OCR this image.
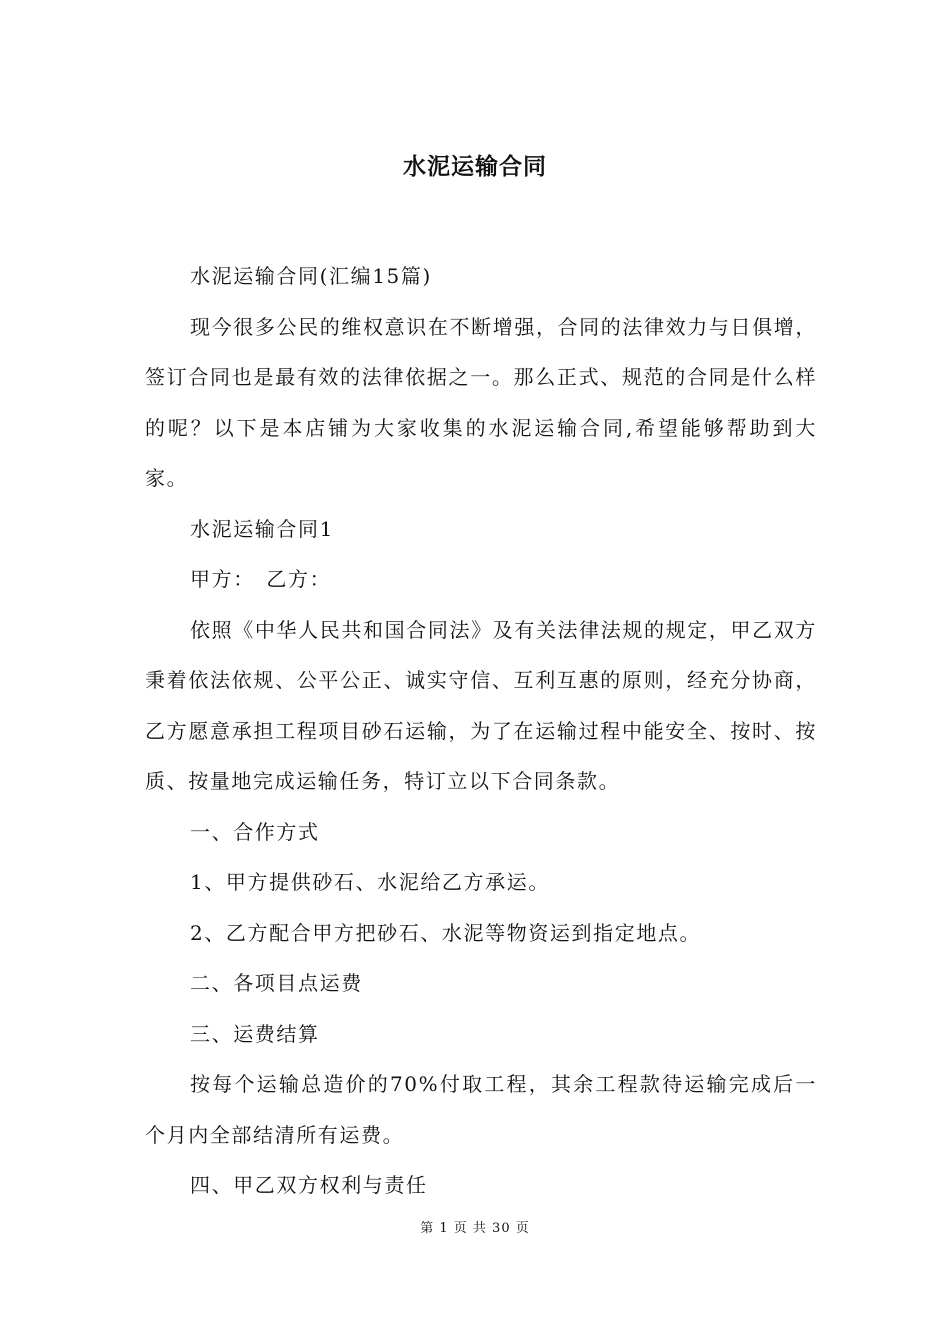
水泥运输合同

水泥运输合同(汇编15篇)

现今很多公民的维权意识在不断增强，合同的法律效力与日俱增，签订合同也是最有效的法律依据之一。那么正式、规范的合同是什么样的呢？以下是本店铺为大家收集的水泥运输合同,希望能够帮助到大家。

水泥运输合同1

甲方：　乙方：

依照《中华人民共和国合同法》及有关法律法规的规定，甲乙双方秉着依法依规、公平公正、诚实守信、互利互惠的原则，经充分协商，乙方愿意承担工程项目砂石运输，为了在运输过程中能安全、按时、按质、按量地完成运输任务，特订立以下合同条款。

一、合作方式

1、甲方提供砂石、水泥给乙方承运。

2、乙方配合甲方把砂石、水泥等物资运到指定地点。

二、各项目点运费

三、运费结算

按每个运输总造价的70%付取工程，其余工程款待运输完成后一个月内全部结清所有运费。

四、甲乙双方权利与责任

第 1 页 共 30 页
